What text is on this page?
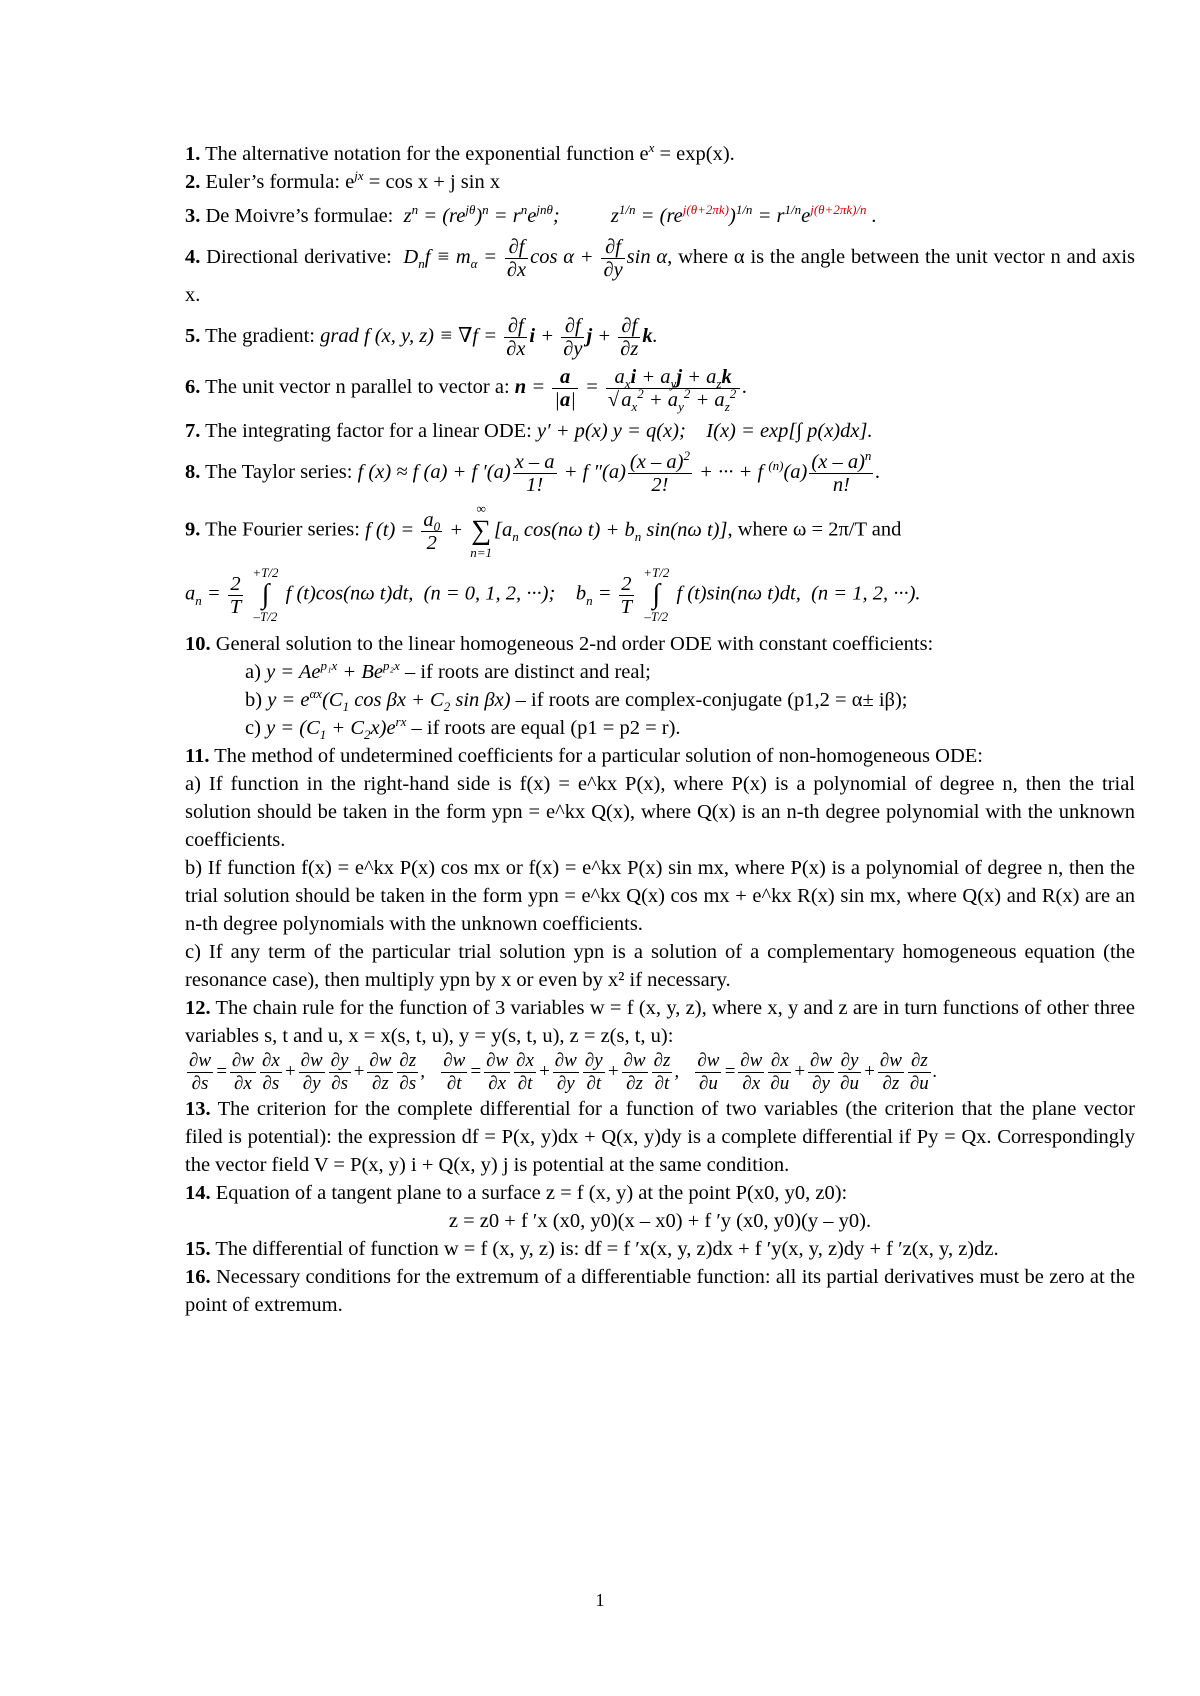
1. The alternative notation for the exponential function $e^x = \exp(x)$.

2. Euler’s formula: $e^{jx} = \cos x + j$ sin x

3. De Moivre’s formulae:  $z^n = (re^{j\theta})^n = r^ne^{jn\theta}$;          $z^{1/n} = (re^{j(\theta+2\pi k)})^{1/n} = r^{1/n}e^{j(\theta+2\pi k)/n}$ .

4. Directional derivative:  $D_nf \equiv m_\alpha = \frac{\partial f}{\partial x}$ $\cos \alpha + \frac{\partial f}{\partial y}$ sin α, where α is the angle between the unit vector n and axis x.

5. The gradient: grad f (x, y, $z) \equiv \nabla f = \frac{\partial f}{\partial x}$ $i + \frac{\partial f}{\partial y}$ $j + \frac{\partial f}{\partial z} k$.

6. The unit vector n parallel to vector a: $n = \frac{a}{|a|} = \frac{a_xi + a_yj + a_zk}{√a_x^2 + a_y^2 + a_z^2}$ .

7. The integrating factor for a linear ODE: y′ + p(x) y = q(x);    I(x) = exp[∫ p(x)dx].

8. The Taylor series: f (x) ≈ f (a) + f $'(a) \frac{x - a}{1!} + f$ $''(a) \frac{(x - a)^2}{2!}$ + ··· + f $^{(n)}(a) \frac{(x - a)^n}{n!}$ .

9. The Fourier series: f $(t) = \frac{a_0}{2}$ + ∞
∑
$n=1[a_n$ cos(nω $t) + b_n$ sin(nω t)], where ω = 2π/T and

$a_n = \frac{2}{T} +T/2$
∫
–T/2 f (t)cos(nω t)dt,  (n = 0, 1, 2, ···);    $b_n = \frac{2}{T} +T/2$
∫
–T/2 f (t)sin(nω t)dt,  (n = 1, 2, ···).

10. General solution to the linear homogeneous 2-nd order ODE with constant coefficients:

a) $y = Ae^{p_1x} + Be^{p_2x}$ – if roots are distinct and real;

b) $y = e^{\alpha x}(C_1$ $\cos \beta x + C_2$ sin βx) – if roots are complex-conjugate (p1,2 = α± iβ);

c) $y = (C_1 + C_2x)e^{rx}$ – if roots are equal (p1 = p2 = r).

11. The method of undetermined coefficients for a particular solution of non-homogeneous ODE:

a) If function in the right-hand side is f(x) = e^kx P(x), where P(x) is a polynomial of degree n, then the trial solution should be taken in the form ypn = e^kx Q(x), where Q(x) is an n-th degree polynomial with the unknown coefficients.

b) If function f(x) = e^kx P(x) cos mx or f(x) = e^kx P(x) sin mx, where P(x) is a polynomial of degree n, then the trial solution should be taken in the form ypn = e^kx Q(x) cos mx + e^kx R(x) sin mx, where Q(x) and R(x) are an n-th degree polynomials with the unknown coefficients.

c) If any term of the particular trial solution ypn is a solution of a complementary homogeneous equation (the resonance case), then multiply ypn by x or even by x² if necessary.

12. The chain rule for the function of 3 variables w = f (x, y, z), where x, y and z are in turn functions of other three variables s, t and u, x = x(s, t, u), y = y(s, t, u), z = z(s, t, u):

$\frac{\partial w}{\partial s} = \frac{\partial w}{\partial x} \frac{\partial x}{\partial s} + \frac{\partial w}{\partial y} \frac{\partial y}{\partial s} + \frac{\partial w}{\partial z} \frac{\partial z}{\partial s}$ , $\frac{\partial w}{\partial t} = \frac{\partial w}{\partial x} \frac{\partial x}{\partial t} + \frac{\partial w}{\partial y} \frac{\partial y}{\partial t} + \frac{\partial w}{\partial z} \frac{\partial z}{\partial t}$ , $\frac{\partial w}{\partial u} = \frac{\partial w}{\partial x} \frac{\partial x}{\partial u} + \frac{\partial w}{\partial y} \frac{\partial y}{\partial u} + \frac{\partial w}{\partial z} \frac{\partial z}{\partial u}$ .

13. The criterion for the complete differential for a function of two variables (the criterion that the plane vector filed is potential): the expression df = P(x, y)dx + Q(x, y)dy is a complete differential if Py = Qx. Correspondingly the vector field V = P(x, y) i + Q(x, y) j is potential at the same condition.

14. Equation of a tangent plane to a surface z = f (x, y) at the point P(x0, y0, z0):

z = z0 + f ′x (x0, y0)(x – x0) + f ′y (x0, y0)(y – y0).

15. The differential of function w = f (x, y, z) is: df = f ′x(x, y, z)dx + f ′y(x, y, z)dy + f ′z(x, y, z)dz.

16. Necessary conditions for the extremum of a differentiable function: all its partial derivatives must be zero at the point of extremum.

1
